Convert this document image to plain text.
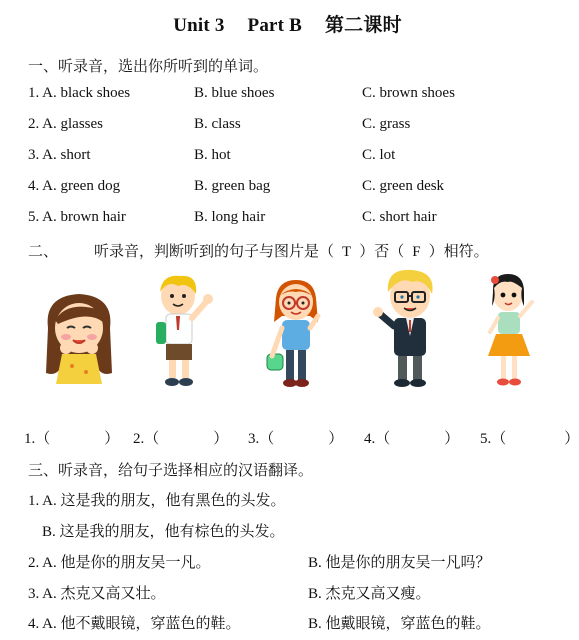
Unit 3 Part B 第二课时
一、听录音，选出你所听到的单词。
1. A. black shoes	B. blue shoes	C. brown shoes
2. A. glasses	B. class	C. grass
3. A. short	B. hot	C. lot
4. A. green dog	B. green bag	C. green desk
5. A. brown hair	B. long hair	C. short hair
二、 听录音，判断听到的句子与图片是（ T ）否（ F ）相符。
1.（	） 2.（	） 3.（	） 4.（	） 5.（	）
三、听录音，给句子选择相应的汉语翻译。
1. A. 这是我的朋友，他有黑色的头发。
B. 这是我的朋友，他有棕色的头发。
2. A. 他是你的朋友吴一凡。	B. 他是你的朋友吴一凡吗？
3. A. 杰克又高又壮。	B. 杰克又高又瘦。
4. A. 他不戴眼镜，穿蓝色的鞋。	B. 他戴眼镜，穿蓝色的鞋。
